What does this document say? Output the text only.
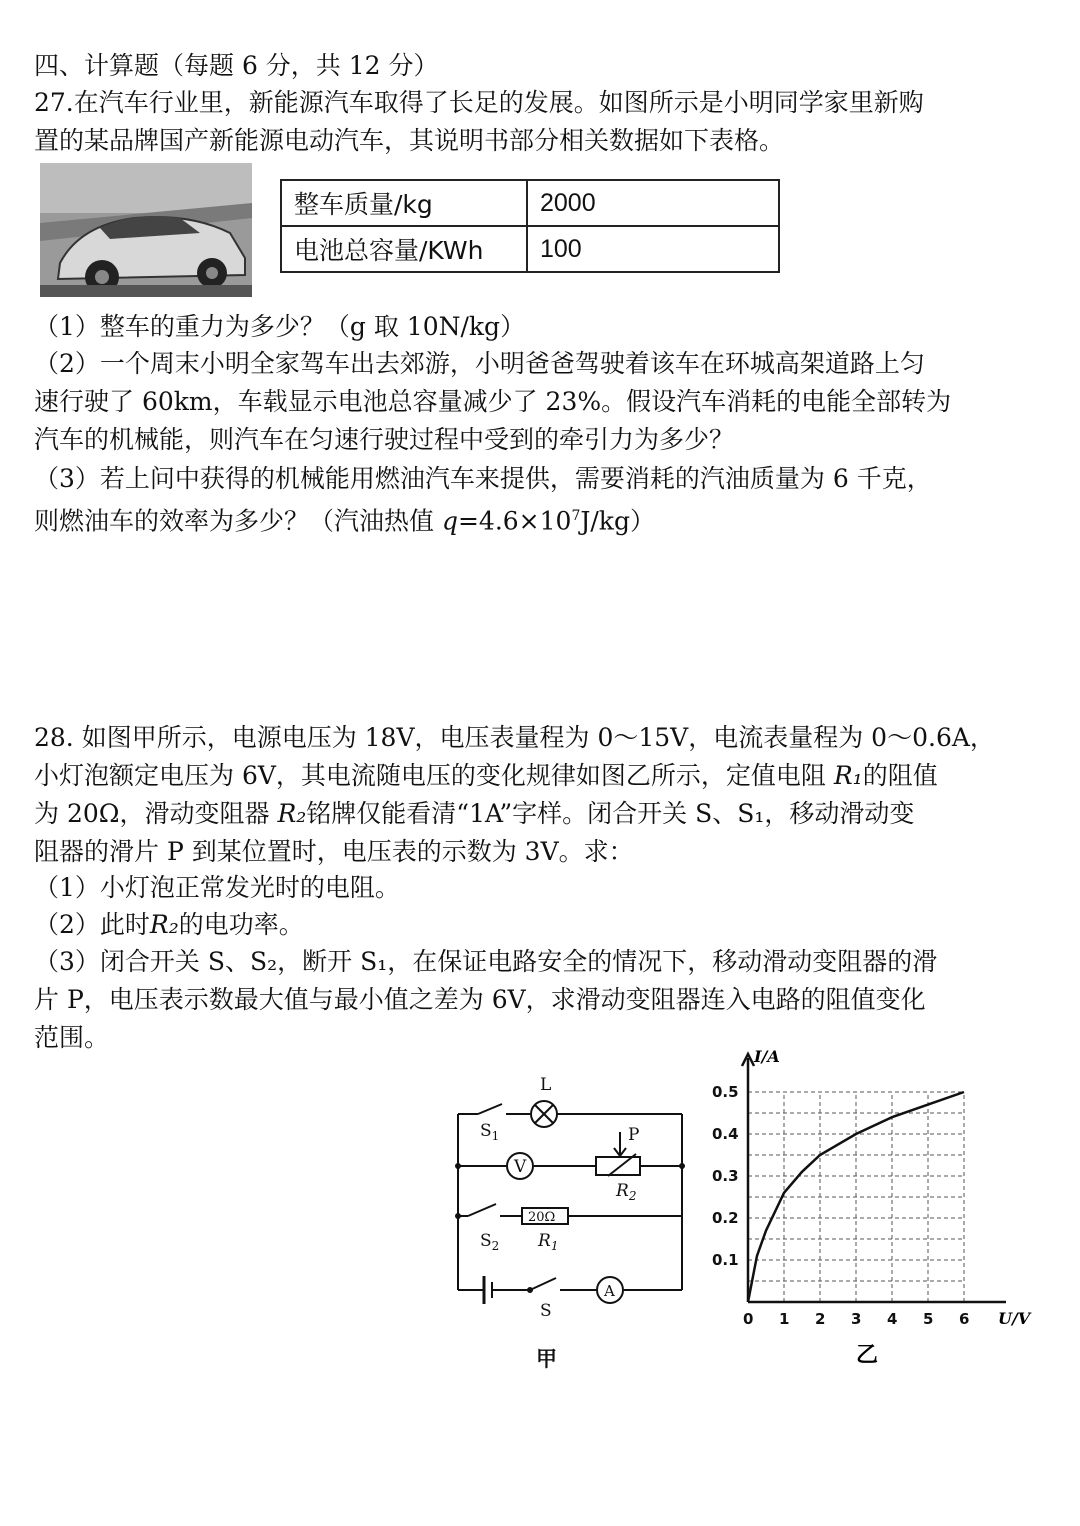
四、计算题（每题 6 分，共 12 分）
27.在汽车行业里，新能源汽车取得了长足的发展。如图所示是小明同学家里新购
置的某品牌国产新能源电动汽车，其说明书部分相关数据如下表格。
整车质量/kg	2000
电池总容量/KWh	100
（1）整车的重力为多少？（g 取 10N/kg）
（2）一个周末小明全家驾车出去郊游，小明爸爸驾驶着该车在环城高架道路上匀
速行驶了 60km，车载显示电池总容量减少了 23%。假设汽车消耗的电能全部转为
汽车的机械能，则汽车在匀速行驶过程中受到的牵引力为多少？
（3）若上问中获得的机械能用燃油汽车来提供，需要消耗的汽油质量为 6 千克，
则燃油车的效率为多少？（汽油热值 $q=4.6\times 10^7J/kg$）
28. 如图甲所示，电源电压为 18V，电压表量程为 0～15V，电流表量程为 0～0.6A，
小灯泡额定电压为 6V，其电流随电压的变化规律如图乙所示，定值电阻 R₁的阻值
为 20Ω，滑动变阻器 R₂铭牌仅能看清“1A”字样。闭合开关 S、S₁，移动滑动变
阻器的滑片 P 到某位置时，电压表的示数为 3V。求：
（1）小灯泡正常发光时的电阻。
（2）此时R₂的电功率。
（3）闭合开关 S、S₂，断开 S₁，在保证电路安全的情况下，移动滑动变阻器的滑
片 P，电压表示数最大值与最小值之差为 6V，求滑动变阻器连入电路的阻值变化
范围。
L
$S_1$
V
P
$R_2$
20Ω
$S_2$ $R_1$
S
A
甲
0 1 2 3 4 5 6
0.1
0.2
0.3
0.4
0.5
I/A
U/V
乙
